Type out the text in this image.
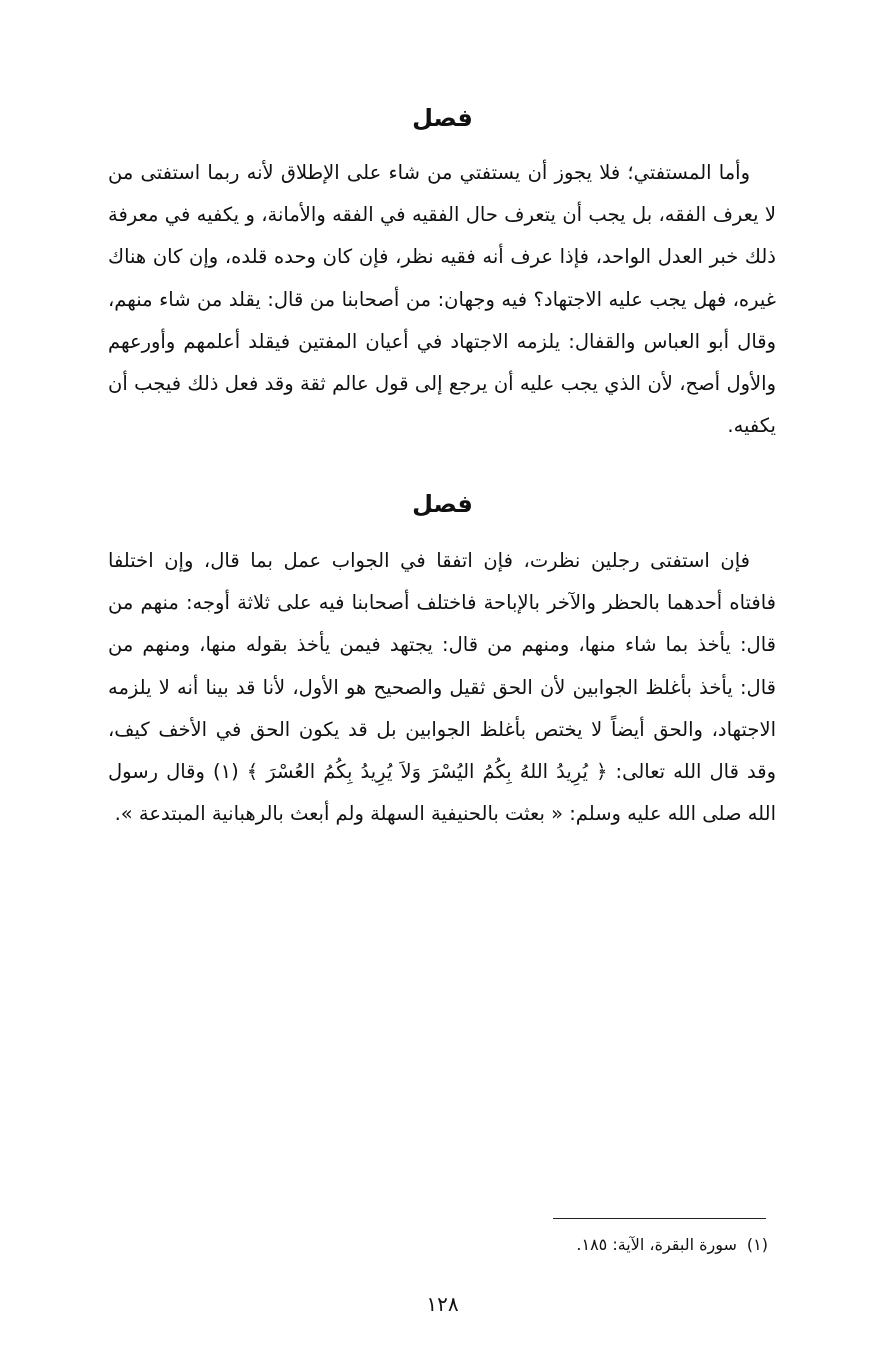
فصل
وأما المستفتي؛ فلا يجوز أن يستفتي من شاء على الإطلاق لأنه ربما استفتى من لا يعرف الفقه، بل يجب أن يتعرف حال الفقيه في الفقه والأمانة، و يكفيه في معرفة ذلك خبر العدل الواحد، فإذا عرف أنه فقيه نظر، فإن كان وحده قلده، وإن كان هناك غيره، فهل يجب عليه الاجتهاد؟ فيه وجهان: من أصحابنا من قال: يقلد من شاء منهم، وقال أبو العباس والقفال: يلزمه الاجتهاد في أعيان المفتين فيقلد أعلمهم وأورعهم والأول أصح، لأن الذي يجب عليه أن يرجع إلى قول عالم ثقة وقد فعل ذلك فيجب أن يكفيه.
فصل
فإن استفتى رجلين نظرت، فإن اتفقا في الجواب عمل بما قال، وإن اختلفا فافتاه أحدهما بالحظر والآخر بالإباحة فاختلف أصحابنا فيه على ثلاثة أوجه: منهم من قال: يأخذ بما شاء منها، ومنهم من قال: يجتهد فيمن يأخذ بقوله منها، ومنهم من قال: يأخذ بأغلظ الجوابين لأن الحق ثقيل والصحيح هو الأول، لأنا قد بينا أنه لا يلزمه الاجتهاد، والحق أيضاً لا يختص بأغلظ الجوابين بل قد يكون الحق في الأخف كيف، وقد قال الله تعالى: ﴿ يُرِيدُ اللهُ بِكُمُ اليُسْرَ وَلاَ يُرِيدُ بِكُمُ العُسْرَ ﴾ (١) وقال رسول الله صلى الله عليه وسلم: « بعثت بالحنيفية السهلة ولم أبعث بالرهبانية المبتدعة ».
(١)سورة البقرة، الآية: ١٨٥.
١٢٨
